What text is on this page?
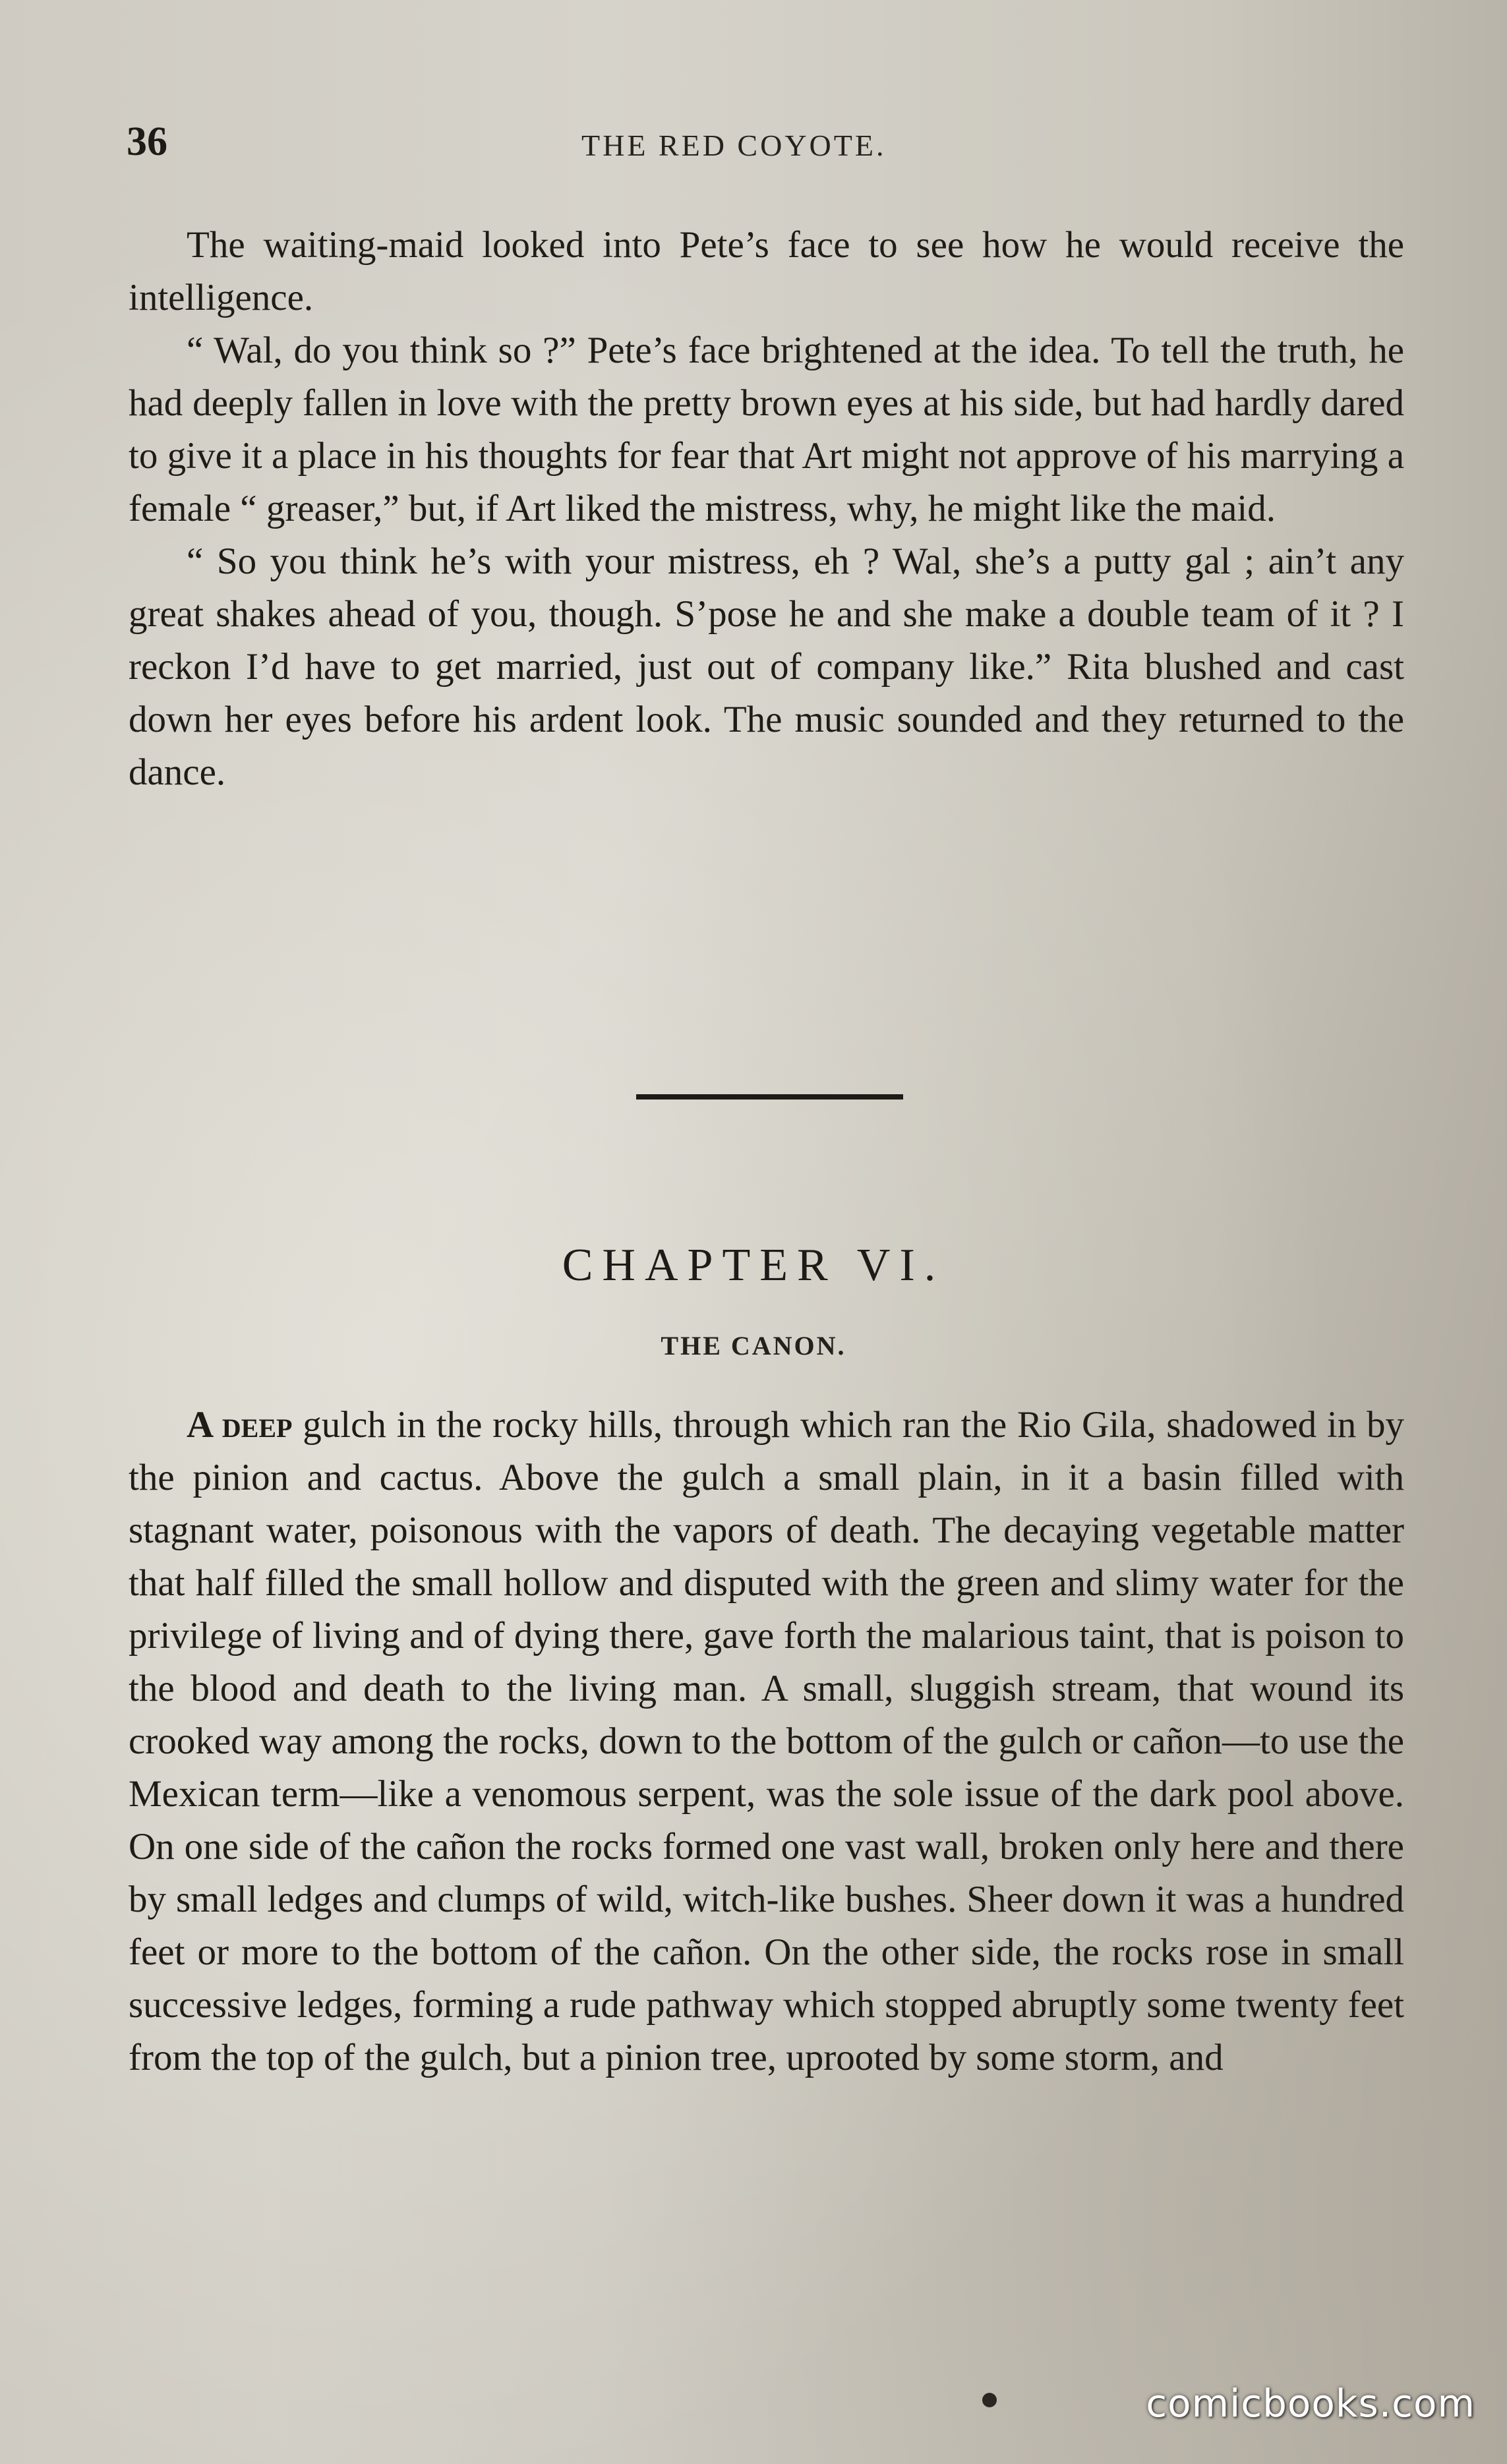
36	THE RED COYOTE.

The waiting-maid looked into Pete’s face to see how he would receive the intelligence.

“ Wal, do you think so ?” Pete’s face brightened at the idea. To tell the truth, he had deeply fallen in love with the pretty brown eyes at his side, but had hardly dared to give it a place in his thoughts for fear that Art might not approve of his marrying a female “ greaser,” but, if Art liked the mistress, why, he might like the maid.

“ So you think he’s with your mistress, eh ? Wal, she’s a putty gal ; ain’t any great shakes ahead of you, though. S’pose he and she make a double team of it ? I reckon I’d have to get married, just out of company like.” Rita blushed and cast down her eyes before his ardent look. The music sounded and they returned to the dance.

CHAPTER VI.
THE CANON.

A deep gulch in the rocky hills, through which ran the Rio Gila, shadowed in by the pinion and cactus. Above the gulch a small plain, in it a basin filled with stagnant water, poisonous with the vapors of death. The decaying vegetable matter that half filled the small hollow and disputed with the green and slimy water for the privilege of living and of dying there, gave forth the malarious taint, that is poison to the blood and death to the living man. A small, sluggish stream, that wound its crooked way among the rocks, down to the bottom of the gulch or cañon—to use the Mexican term—like a venomous serpent, was the sole issue of the dark pool above. On one side of the cañon the rocks formed one vast wall, broken only here and there by small ledges and clumps of wild, witch-like bushes. Sheer down it was a hundred feet or more to the bottom of the cañon. On the other side, the rocks rose in small successive ledges, forming a rude pathway which stopped abruptly some twenty feet from the top of the gulch, but a pinion tree, uprooted by some storm, and

comicbooks.com
